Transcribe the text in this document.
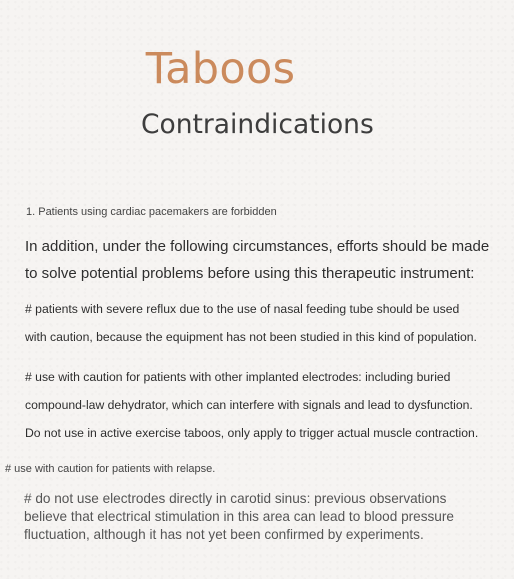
Taboos
Contraindications

1. Patients using cardiac pacemakers are forbidden

In addition, under the following circumstances, efforts should be made
to solve potential problems before using this therapeutic instrument:

# patients with severe reflux due to the use of nasal feeding tube should be used

with caution, because the equipment has not been studied in this kind of population.

# use with caution for patients with other implanted electrodes: including buried

compound-law dehydrator, which can interfere with signals and lead to dysfunction.

Do not use in active exercise taboos, only apply to trigger actual muscle contraction.

# use with caution for patients with relapse.

# do not use electrodes directly in carotid sinus: previous observations
believe that electrical stimulation in this area can lead to blood pressure
fluctuation, although it has not yet been confirmed by experiments.
